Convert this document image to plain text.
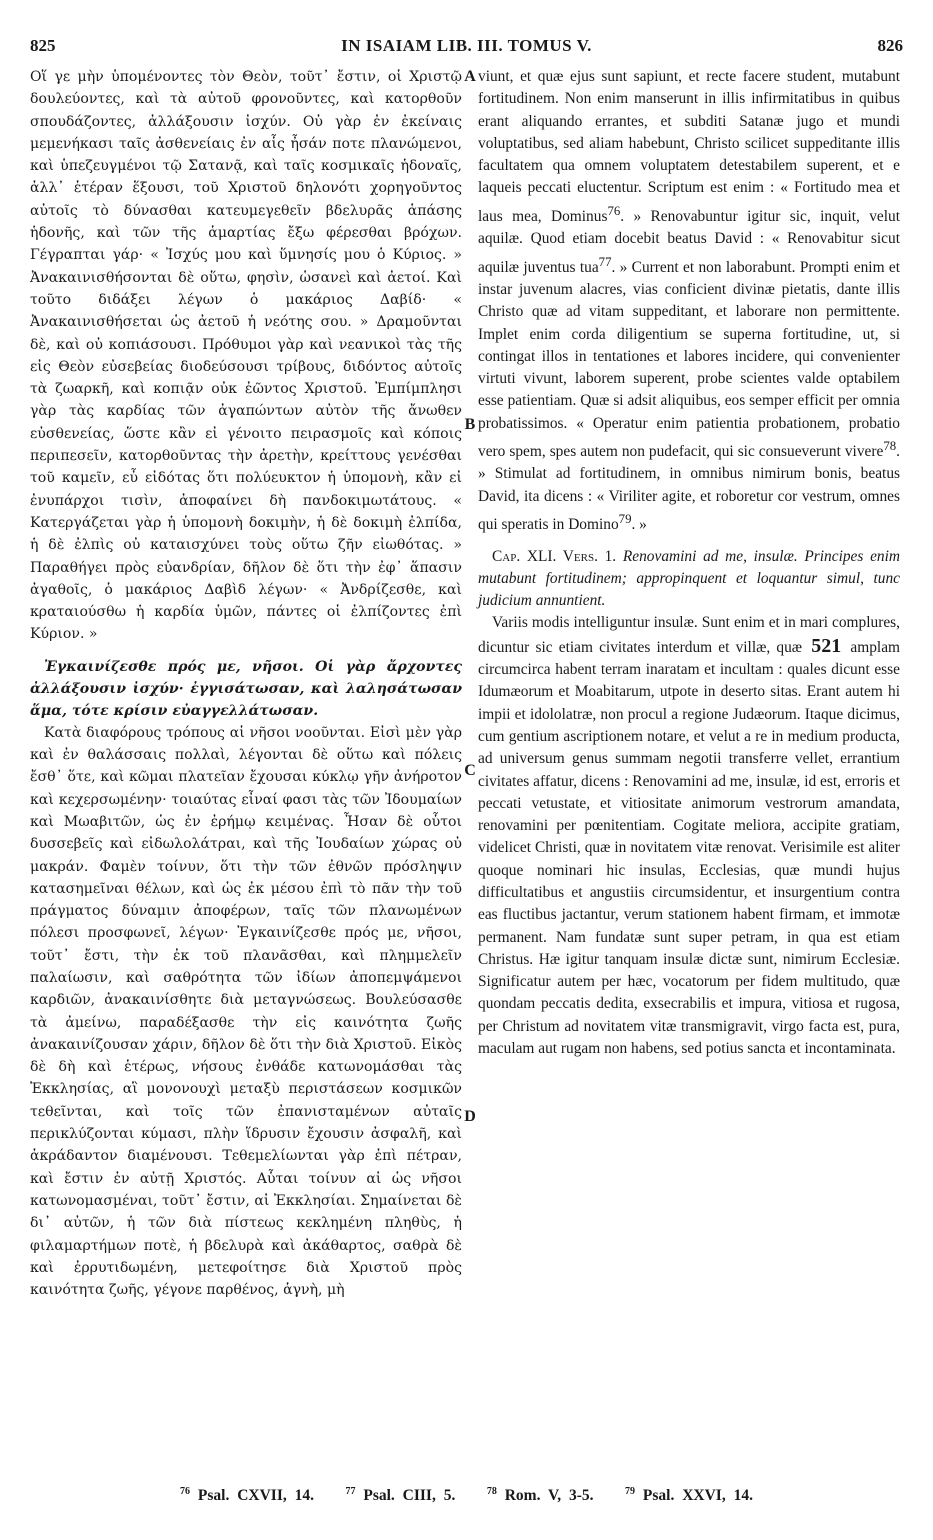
825	IN ISAIAM LIB. III. TOMUS V.	826
A
B
C
D

Οἵ γε μὴν ὑπομένοντες τὸν Θεὸν, τοῦτ᾽ ἔστιν, οἱ Χριστῷ δουλεύοντες, καὶ τὰ αὐτοῦ φρονοῦντες, καὶ κατορθοῦν σπουδάζοντες, ἀλλάξουσιν ἰσχύν. Οὐ γὰρ ἐν ἐκείναις μεμενήκασι ταῖς ἀσθενείαις ἐν αἷς ἦσάν ποτε πλανώμενοι, καὶ ὑπεζευγμένοι τῷ Σατανᾷ, καὶ ταῖς κοσμικαῖς ἡδοναῖς, ἀλλ᾽ ἑτέραν ἕξουσι, τοῦ Χριστοῦ δηλονότι χορηγοῦντος αὐτοῖς τὸ δύνασθαι κατευμεγεθεῖν βδελυρᾶς ἁπάσης ἡδονῆς, καὶ τῶν τῆς ἁμαρτίας ἔξω φέρεσθαι βρόχων. Γέγραπται γάρ· « Ἰσχύς μου καὶ ὕμνησίς μου ὁ Κύριος. » Ἀνακαινισθήσονται δὲ οὕτω, φησὶν, ὡσανεὶ καὶ ἀετοί. Καὶ τοῦτο διδάξει λέγων ὁ μακάριος Δαβίδ· « Ἀνακαινισθήσεται ὡς ἀετοῦ ἡ νεότης σου. » Δραμοῦνται δὲ, καὶ οὐ κοπιάσουσι. Πρόθυμοι γὰρ καὶ νεανικοὶ τὰς τῆς εἰς Θεὸν εὐσεβείας διοδεύσουσι τρίβους, διδόντος αὐτοῖς τὰ ζωαρκῆ, καὶ κοπιᾷν οὐκ ἐῶντος Χριστοῦ. Ἐμπίμπλησι γὰρ τὰς καρδίας τῶν ἀγαπώντων αὐτὸν τῆς ἄνωθεν εὐσθενείας, ὥστε κἂν εἰ γένοιτο πειρασμοῖς καὶ κόποις περιπεσεῖν, κατορθοῦντας τὴν ἀρετὴν, κρείττους γενέσθαι τοῦ καμεῖν, εὖ εἰδότας ὅτι πολύευκτον ἡ ὑπομονὴ, κἂν εἰ ἐνυπάρχοι τισὶν, ἀποφαίνει δὴ πανδοκιμωτάτους. « Κατεργάζεται γὰρ ἡ ὑπομονὴ δοκιμὴν, ἡ δὲ δοκιμὴ ἐλπίδα, ἡ δὲ ἐλπὶς οὐ καταισχύνει τοὺς οὕτω ζῆν εἰωθότας. » Παραθήγει πρὸς εὐανδρίαν, δῆλον δὲ ὅτι τὴν ἐφ᾽ ἅπασιν ἀγαθοῖς, ὁ μακάριος Δαβὶδ λέγων· « Ἀνδρίζεσθε, καὶ κραταιούσθω ἡ καρδία ὑμῶν, πάντες οἱ ἐλπίζοντες ἐπὶ Κύριον. »

Ἐγκαινίζεσθε πρός με, νῆσοι. Οἱ γὰρ ἄρχοντες ἀλλάξουσιν ἰσχύν· ἐγγισάτωσαν, καὶ λαλησάτωσαν ἅμα, τότε κρίσιν εὐαγγελλάτωσαν.

Κατὰ διαφόρους τρόπους αἱ νῆσοι νοοῦνται. Εἰσὶ μὲν γὰρ καὶ ἐν θαλάσσαις πολλαὶ, λέγονται δὲ οὕτω καὶ πόλεις ἔσθ᾽ ὅτε, καὶ κῶμαι πλατεῖαν ἔχουσαι κύκλῳ γῆν ἀνήροτον καὶ κεχερσωμένην· τοιαύτας εἶναί φασι τὰς τῶν Ἰδουμαίων καὶ Μωαβιτῶν, ὡς ἐν ἐρήμῳ κειμένας. Ἦσαν δὲ οὗτοι δυσσεβεῖς καὶ εἰδωλολάτραι, καὶ τῆς Ἰουδαίων χώρας οὐ μακράν. Φαμὲν τοίνυν, ὅτι τὴν τῶν ἐθνῶν πρόσληψιν κατασημεῖναι θέλων, καὶ ὡς ἐκ μέσου ἐπὶ τὸ πᾶν τὴν τοῦ πράγματος δύναμιν ἀποφέρων, ταῖς τῶν πλανωμένων πόλεσι προσφωνεῖ, λέγων· Ἐγκαινίζεσθε πρός με, νῆσοι, τοῦτ᾽ ἔστι, τὴν ἐκ τοῦ πλανᾶσθαι, καὶ πλημμελεῖν παλαίωσιν, καὶ σαθρότητα τῶν ἰδίων ἀποπεμψάμενοι καρδιῶν, ἀνακαινίσθητε διὰ μεταγνώσεως. Βουλεύσασθε τὰ ἀμείνω, παραδέξασθε τὴν εἰς καινότητα ζωῆς ἀνακαινίζουσαν χάριν, δῆλον δὲ ὅτι τὴν διὰ Χριστοῦ. Εἰκὸς δὲ δὴ καὶ ἑτέρως, νήσους ἐνθάδε κατωνομάσθαι τὰς Ἐκκλησίας, αἳ μονονουχὶ μεταξὺ περιστάσεων κοσμικῶν τεθεῖνται, καὶ τοῖς τῶν ἐπανισταμένων αὐταῖς περικλύζονται κύμασι, πλὴν ἵδρυσιν ἔχουσιν ἀσφαλῆ, καὶ ἀκράδαντον διαμένουσι. Τεθεμελίωνται γὰρ ἐπὶ πέτραν, καὶ ἔστιν ἐν αὐτῇ Χριστός. Αὗται τοίνυν αἱ ὡς νῆσοι κατωνομασμέναι, τοῦτ᾽ ἔστιν, αἱ Ἐκκλησίαι. Σημαίνεται δὲ δι᾽ αὐτῶν, ἡ τῶν διὰ πίστεως κεκλημένη πληθὺς, ἡ φιλαμαρτήμων ποτὲ, ἡ βδελυρὰ καὶ ἀκάθαρτος, σαθρὰ δὲ καὶ ἐρρυτιδωμένη, μετεφοίτησε διὰ Χριστοῦ πρὸς καινότητα ζωῆς, γέγονε παρθένος, ἁγνὴ, μὴ

viunt, et quæ ejus sunt sapiunt, et recte facere student, mutabunt fortitudinem. Non enim manserunt in illis infirmitatibus in quibus erant aliquando errantes, et subditi Satanæ jugo et mundi voluptatibus, sed aliam habebunt, Christo scilicet suppeditante illis facultatem qua omnem voluptatem detestabilem superent, et e laqueis peccati eluctentur. Scriptum est enim : « Fortitudo mea et laus mea, Dominus$^{76}$. » Renovabuntur igitur sic, inquit, velut aquilæ. Quod etiam docebit beatus David : « Renovabitur sicut aquilæ juventus tua$^{77}$. » Current et non laborabunt. Prompti enim et instar juvenum alacres, vias conficient divinæ pietatis, dante illis Christo quæ ad vitam suppeditant, et laborare non permittente. Implet enim corda diligentium se superna fortitudine, ut, si contingat illos in tentationes et labores incidere, qui convenienter virtuti vivunt, laborem superent, probe scientes valde optabilem esse patientiam. Quæ si adsit aliquibus, eos semper efficit per omnia probatissimos. « Operatur enim patientia probationem, probatio vero spem, spes autem non pudefacit, qui sic consueverunt vivere$^{78}$. » Stimulat ad fortitudinem, in omnibus nimirum bonis, beatus David, ita dicens : « Viriliter agite, et roboretur cor vestrum, omnes qui speratis in Domino$^{79}$. »

Cap. XLI. Vers. 1. Renovamini ad me, insulæ. Principes enim mutabunt fortitudinem; appropinquent et loquantur simul, tunc judicium annuntient.

Variis modis intelliguntur insulæ. Sunt enim et in mari complures, dicuntur sic etiam civitates interdum et villæ, quæ 521 amplam circumcirca habent terram inaratam et incultam : quales dicunt esse Idumæorum et Moabitarum, utpote in deserto sitas. Erant autem hi impii et idololatræ, non procul a regione Judæorum. Itaque dicimus, cum gentium ascriptionem notare, et velut a re in medium producta, ad universum genus summam negotii transferre vellet, errantium civitates affatur, dicens : Renovamini ad me, insulæ, id est, erroris et peccati vetustate, et vitiositate animorum vestrorum amandata, renovamini per pœnitentiam. Cogitate meliora, accipite gratiam, videlicet Christi, quæ in novitatem vitæ renovat. Verisimile est aliter quoque nominari hic insulas, Ecclesias, quæ mundi hujus difficultatibus et angustiis circumsidentur, et insurgentium contra eas fluctibus jactantur, verum stationem habent firmam, et immotæ permanent. Nam fundatæ sunt super petram, in qua est etiam Christus. Hæ igitur tanquam insulæ dictæ sunt, nimirum Ecclesiæ. Significatur autem per hæc, vocatorum per fidem multitudo, quæ quondam peccatis dedita, exsecrabilis et impura, vitiosa et rugosa, per Christum ad novitatem vitæ transmigravit, virgo facta est, pura, maculam aut rugam non habens, sed potius sancta et incontaminata.

$^{76}$ Psal. CXVII, 14.	$^{77}$ Psal. CIII, 5.	$^{78}$ Rom. V, 3-5.	$^{79}$ Psal. XXVI, 14.
